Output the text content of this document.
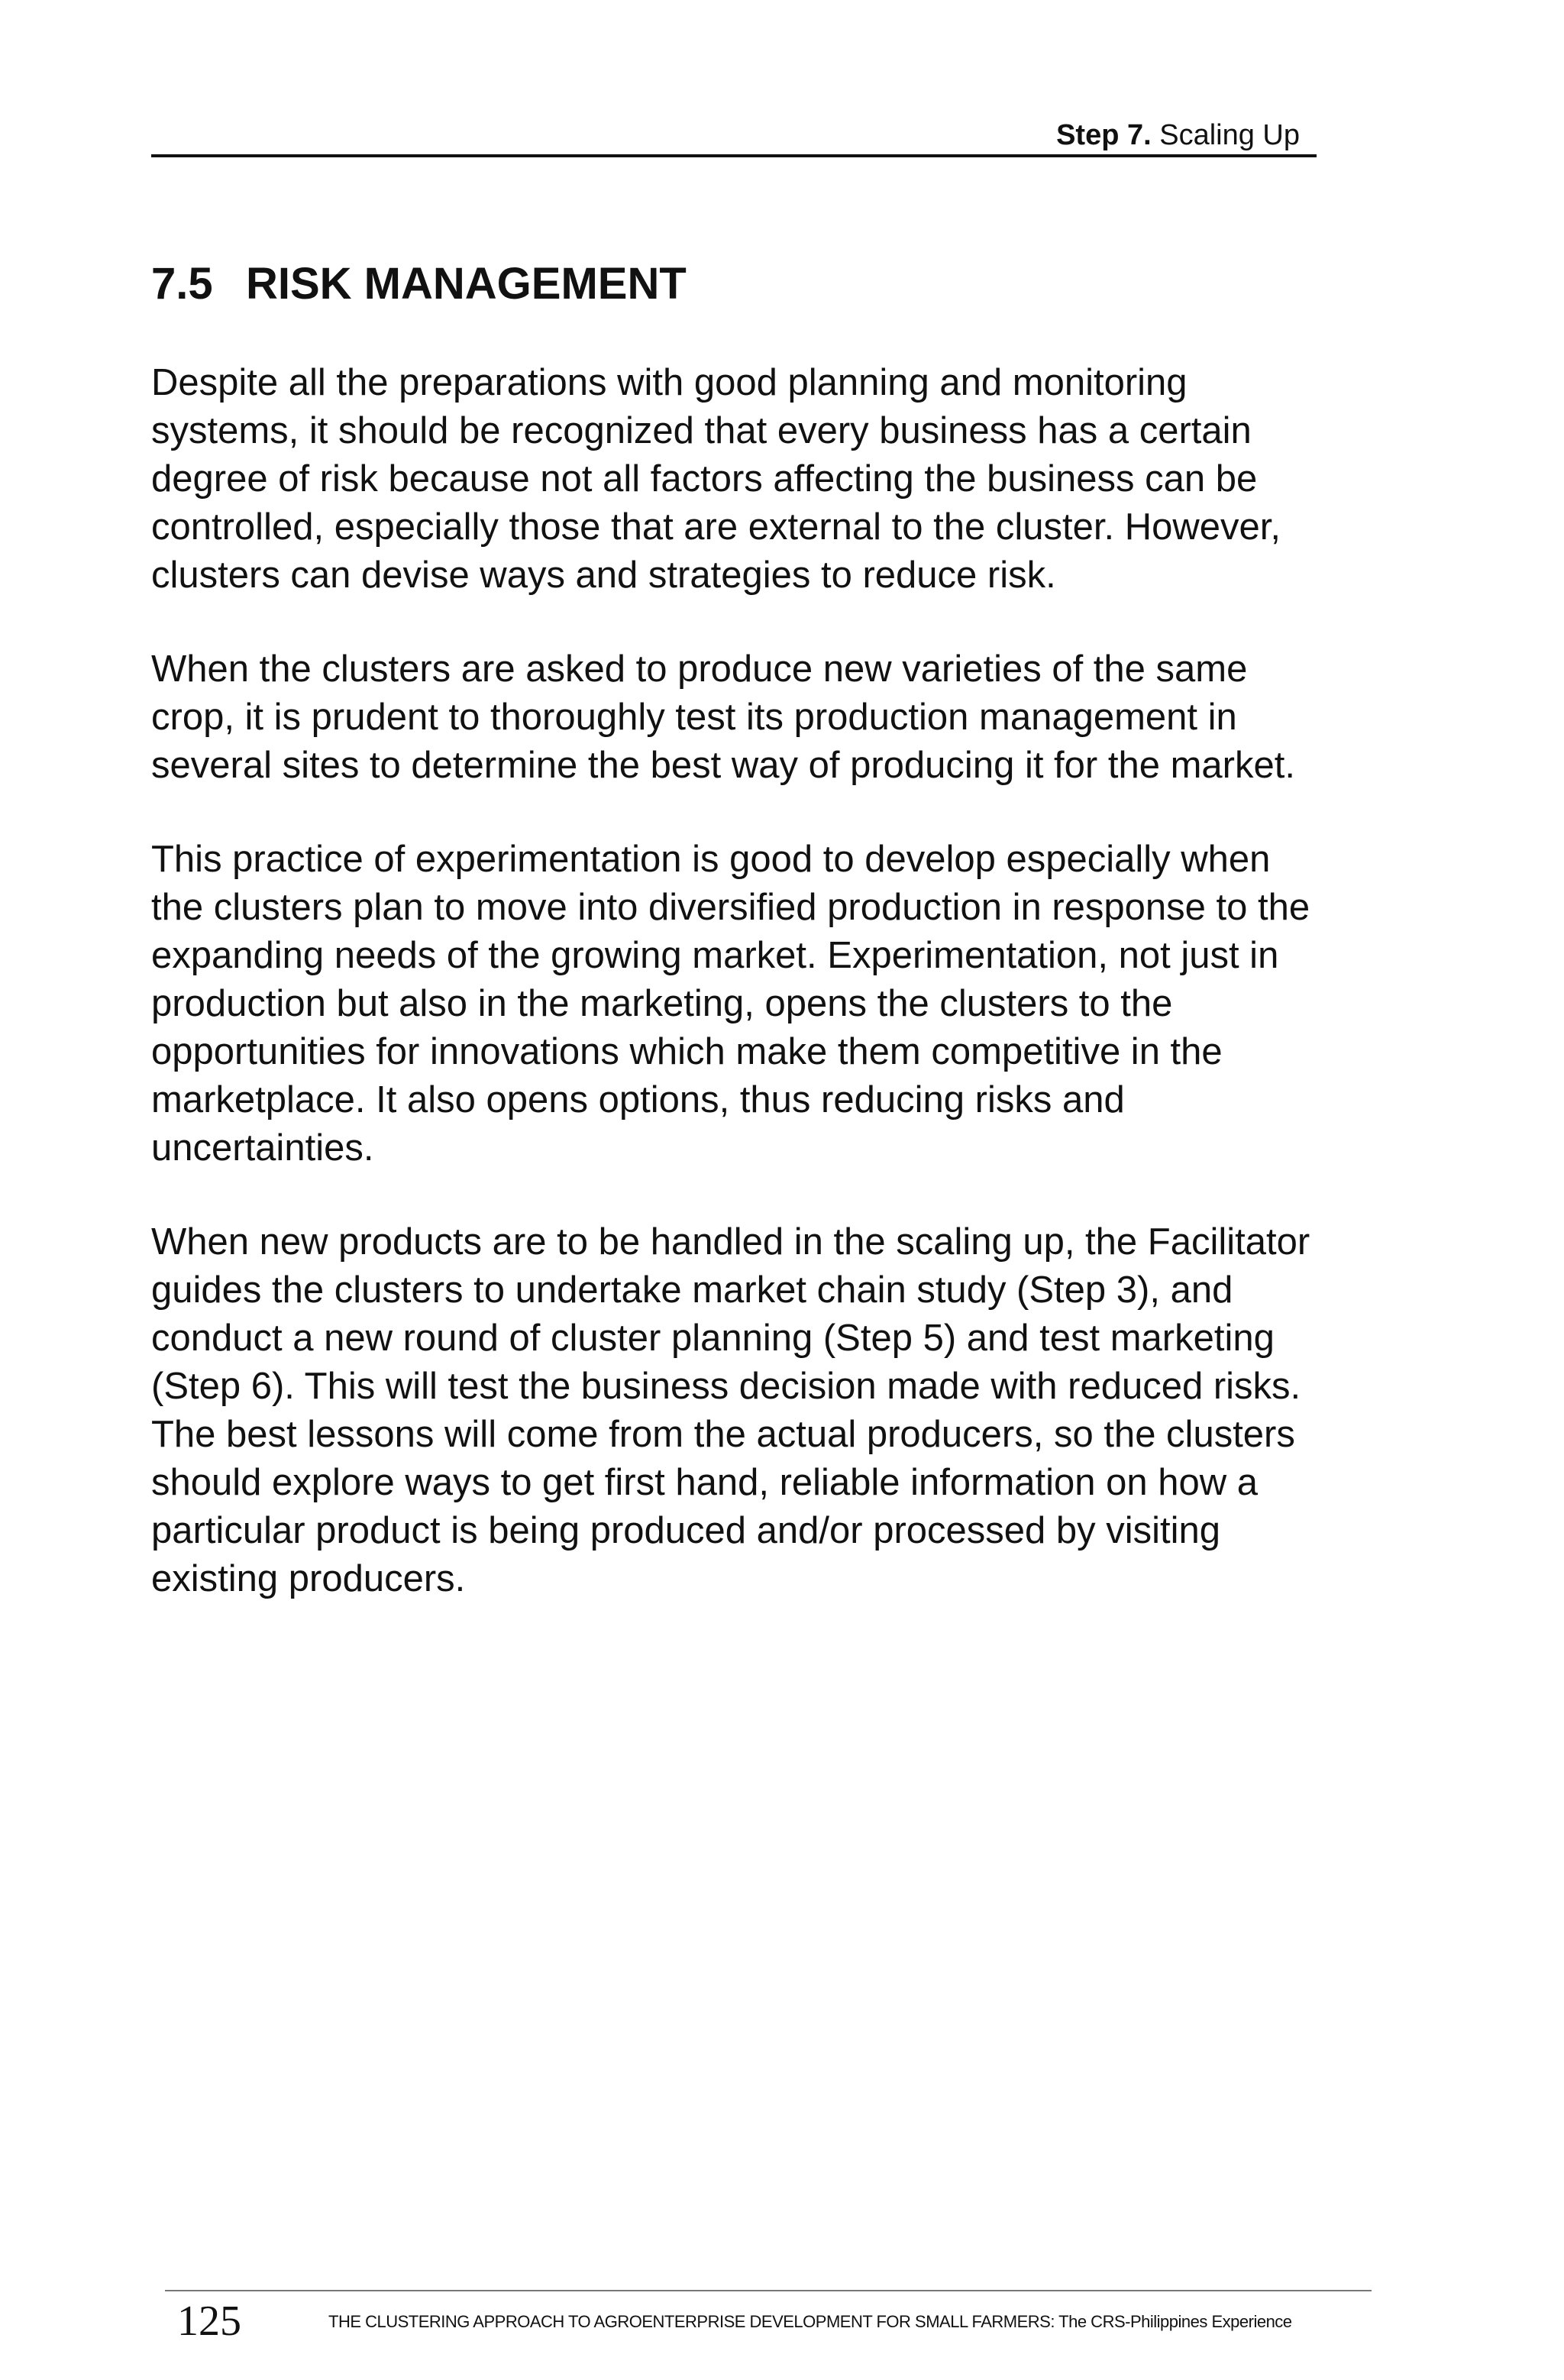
Step 7. Scaling Up
7.5 RISK MANAGEMENT

Despite all the preparations with good planning and monitoring systems, it should be recognized that every business has a certain degree of risk because not all factors affecting the business can be controlled, especially those that are external to the cluster. However, clusters can devise ways and strategies to reduce risk.

When the clusters are asked to produce new varieties of the same crop, it is prudent to thoroughly test its production management in several sites to determine the best way of producing it for the market.

This practice of experimentation is good to develop especially when the clusters plan to move into diversified production in response to the expanding needs of the growing market. Experimentation, not just in production but also in the marketing, opens the clusters to the opportunities for innovations which make them competitive in the marketplace. It also opens options, thus reducing risks and uncertainties.

When new products are to be handled in the scaling up, the Facilitator guides the clusters to undertake market chain study (Step 3), and conduct a new round of cluster planning (Step 5) and test marketing (Step 6). This will test the business decision made with reduced risks. The best lessons will come from the actual producers, so the clusters should explore ways to get first hand, reliable information on how a particular product is being produced and/or processed by visiting existing producers.

125	THE CLUSTERING APPROACH TO AGROENTERPRISE DEVELOPMENT FOR SMALL FARMERS: The CRS-Philippines Experience
